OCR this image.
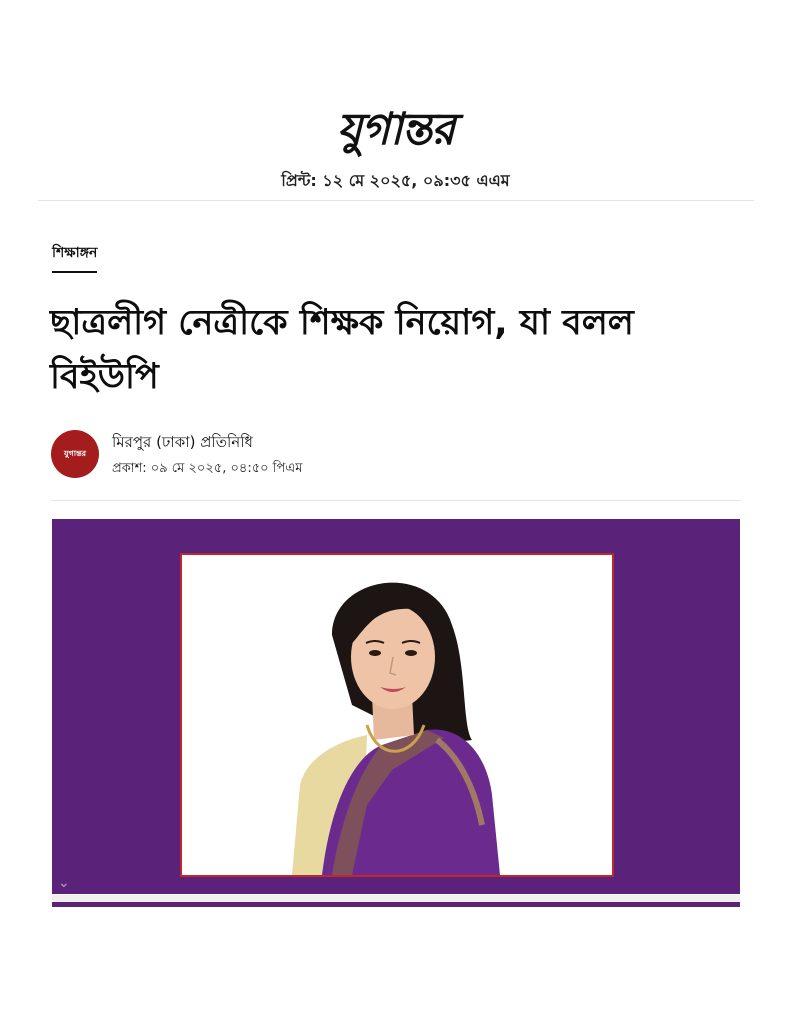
যুগান্তর
প্রিন্ট: ১২ মে ২০২৫, ০৯:৩৫ এএম
শিক্ষাঙ্গন
ছাত্রলীগ নেত্রীকে শিক্ষক নিয়োগ, যা বলল বিইউপি
যুগান্তর
মিরপুর (ঢাকা) প্রতিনিধি
প্রকাশ: ০৯ মে ২০২৫, ০৪:৫০ পিএম
⌄
